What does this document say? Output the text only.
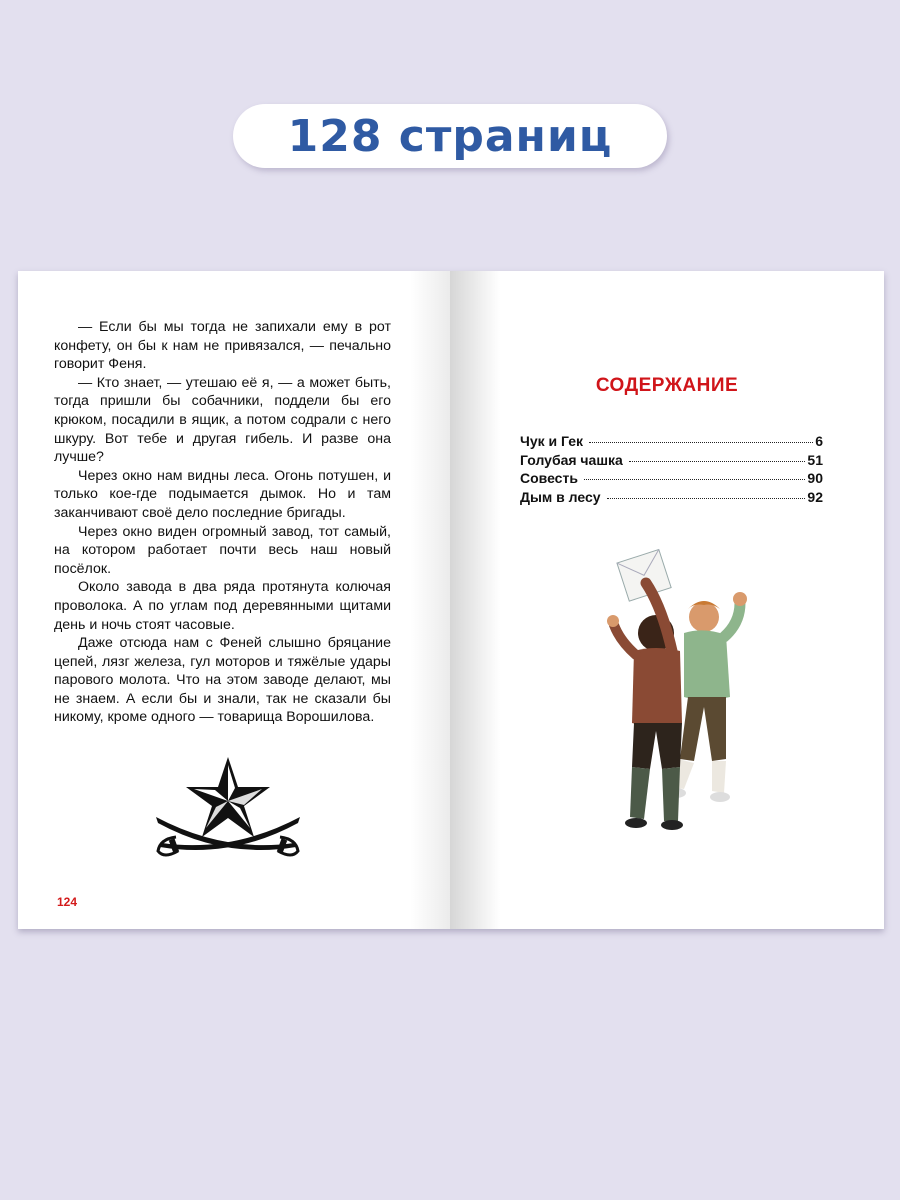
128 страниц

— Если бы мы тогда не запихали ему в рот конфету, он бы к нам не привязался, — печально говорит Феня.

— Кто знает, — утешаю её я, — а может быть, тогда пришли бы собачники, поддели бы его крюком, посадили в ящик, а потом содрали с него шкуру. Вот тебе и другая гибель. И разве она лучше?

Через окно нам видны леса. Огонь потушен, и только кое-где подымается дымок. Но и там заканчивают своё дело последние бригады.

Через окно виден огромный завод, тот самый, на котором работает почти весь наш новый посёлок.

Около завода в два ряда протянута колючая проволока. А по углам под деревянными щитами день и ночь стоят часовые.

Даже отсюда нам с Феней слышно бряцание цепей, лязг железа, гул моторов и тяжёлые удары парового молота. Что на этом заводе делают, мы не знаем. А если бы и знали, так не сказали бы никому, кроме одного — товарища Ворошилова.

124
СОДЕРЖАНИЕ
Чук и Гек	6
Голубая чашка	51
Совесть	90
Дым в лесу	92
